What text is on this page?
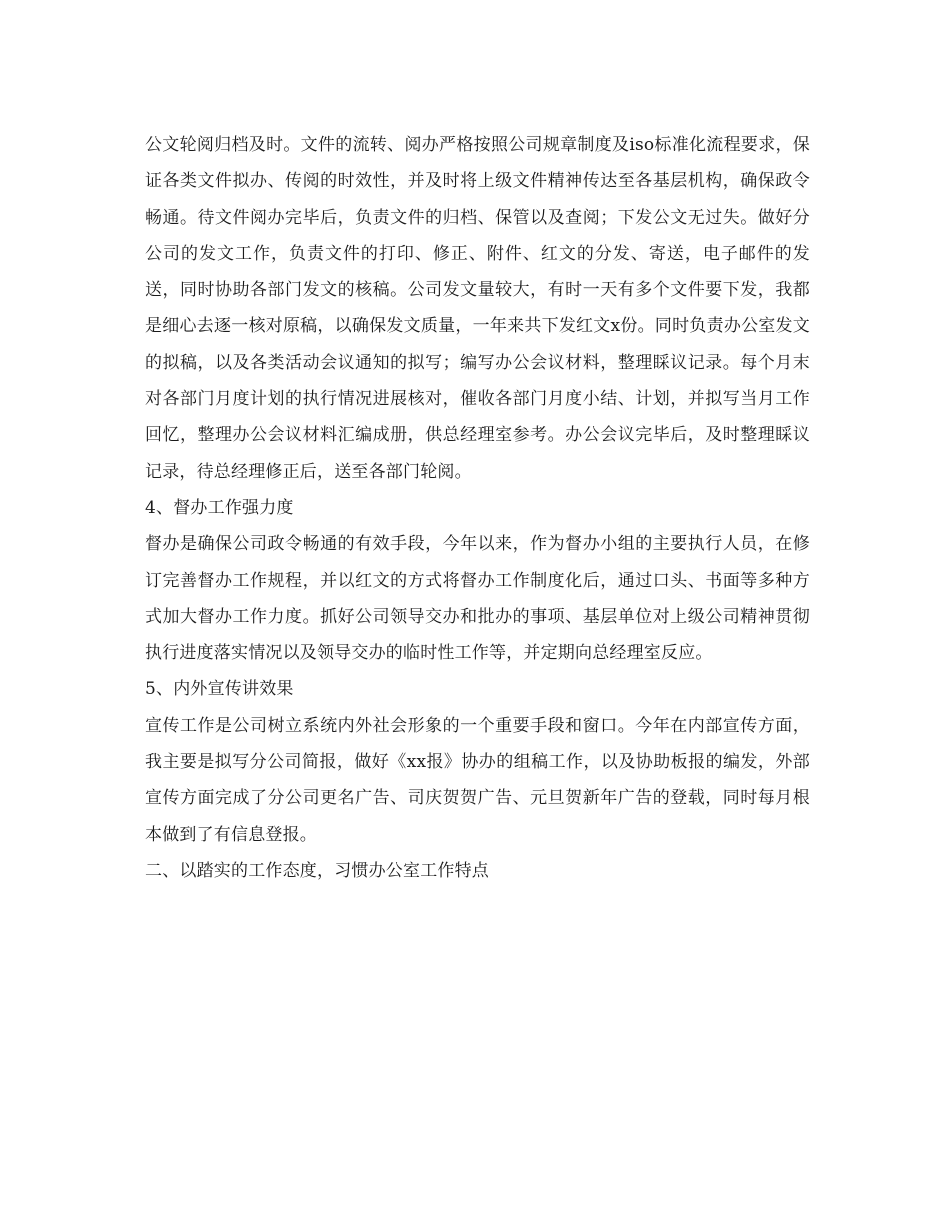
公文轮阅归档及时。文件的流转、阅办严格按照公司规章制度及iso标准化流程要求，保证各类文件拟办、传阅的时效性，并及时将上级文件精神传达至各基层机构，确保政令畅通。待文件阅办完毕后，负责文件的归档、保管以及查阅；下发公文无过失。做好分公司的发文工作，负责文件的打印、修正、附件、红文的分发、寄送，电子邮件的发送，同时协助各部门发文的核稿。公司发文量较大，有时一天有多个文件要下发，我都是细心去逐一核对原稿，以确保发文质量，一年来共下发红文x份。同时负责办公室发文的拟稿，以及各类活动会议通知的拟写；编写办公会议材料，整理睬议记录。每个月末对各部门月度计划的执行情况进展核对，催收各部门月度小结、计划，并拟写当月工作回忆，整理办公会议材料汇编成册，供总经理室参考。办公会议完毕后，及时整理睬议记录，待总经理修正后，送至各部门轮阅。

4、督办工作强力度

督办是确保公司政令畅通的有效手段，今年以来，作为督办小组的主要执行人员，在修订完善督办工作规程，并以红文的方式将督办工作制度化后，通过口头、书面等多种方式加大督办工作力度。抓好公司领导交办和批办的事项、基层单位对上级公司精神贯彻执行进度落实情况以及领导交办的临时性工作等，并定期向总经理室反应。

5、内外宣传讲效果

宣传工作是公司树立系统内外社会形象的一个重要手段和窗口。今年在内部宣传方面，我主要是拟写分公司简报，做好《xx报》协办的组稿工作，以及协助板报的编发，外部宣传方面完成了分公司更名广告、司庆贺贺广告、元旦贺新年广告的登载，同时每月根本做到了有信息登报。

二、以踏实的工作态度，习惯办公室工作特点
